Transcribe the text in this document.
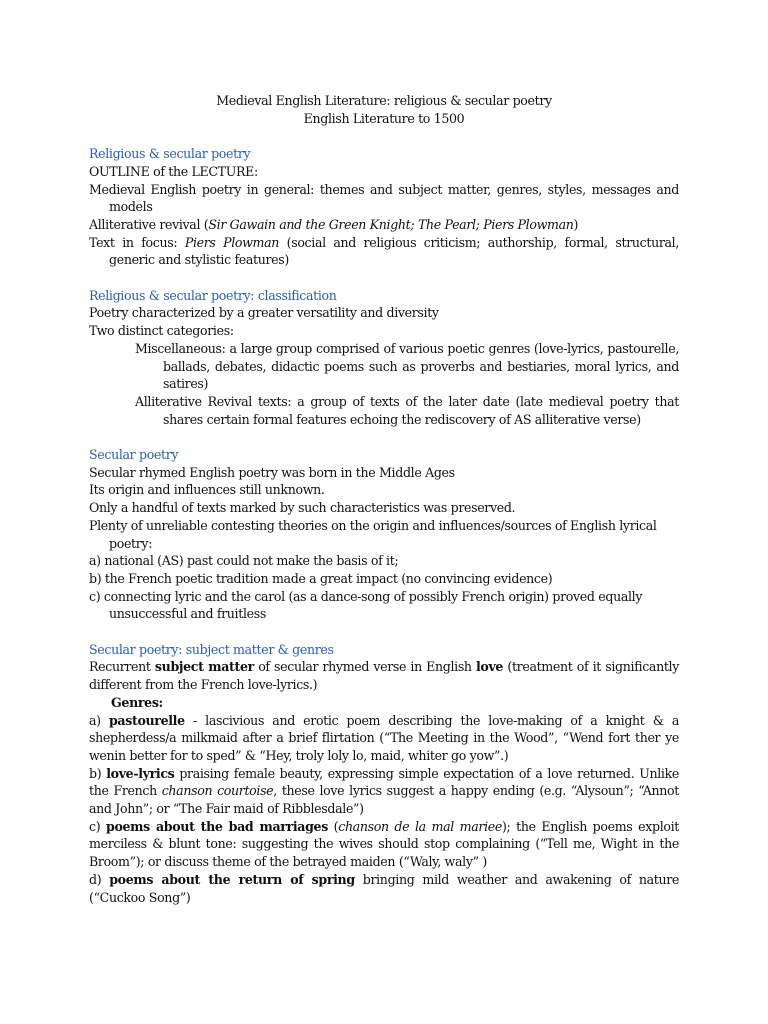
Medieval English Literature: religious & secular poetry
English Literature to 1500
Religious & secular poetry
OUTLINE of the LECTURE:
Medieval English poetry in general: themes and subject matter, genres, styles, messages and models
Alliterative revival (Sir Gawain and the Green Knight; The Pearl; Piers Plowman)
Text in focus: Piers Plowman (social and religious criticism; authorship, formal, structural, generic and stylistic features)
Religious & secular poetry: classification
Poetry characterized by a greater versatility and diversity
Two distinct categories:
Miscellaneous: a large group comprised of various poetic genres (love-lyrics, pastourelle, ballads, debates, didactic poems such as proverbs and bestiaries, moral lyrics, and satires)
Alliterative Revival texts: a group of texts of the later date (late medieval poetry that shares certain formal features echoing the rediscovery of AS alliterative verse)
Secular poetry
Secular rhymed English poetry was born in the Middle Ages
Its origin and influences still unknown.
Only a handful of texts marked by such characteristics was preserved.
Plenty of unreliable contesting theories on the origin and influences/sources of English lyrical poetry:
a) national (AS) past could not make the basis of it;
b) the French poetic tradition made a great impact (no convincing evidence)
c) connecting lyric and the carol (as a dance-song of possibly French origin) proved equally unsuccessful and fruitless
Secular poetry: subject matter & genres
Recurrent subject matter of secular rhymed verse in English love (treatment of it significantly different from the French love-lyrics.)
Genres:
a) pastourelle - lascivious and erotic poem describing the love-making of a knight & a shepherdess/a milkmaid after a brief flirtation (“The Meeting in the Wood”, “Wend fort ther ye wenin better for to sped” & “Hey, troly loly lo, maid, whiter go yow”.)
b) love-lyrics praising female beauty, expressing simple expectation of a love returned. Unlike the French chanson courtoise, these love lyrics suggest a happy ending (e.g. “Alysoun”; “Annot and John”; or “The Fair maid of Ribblesdale”)
c) poems about the bad marriages (chanson de la mal mariee); the English poems exploit merciless & blunt tone: suggesting the wives should stop complaining (“Tell me, Wight in the Broom”); or discuss theme of the betrayed maiden (“Waly, waly” )
d) poems about the return of spring bringing mild weather and awakening of nature (“Cuckoo Song”)
